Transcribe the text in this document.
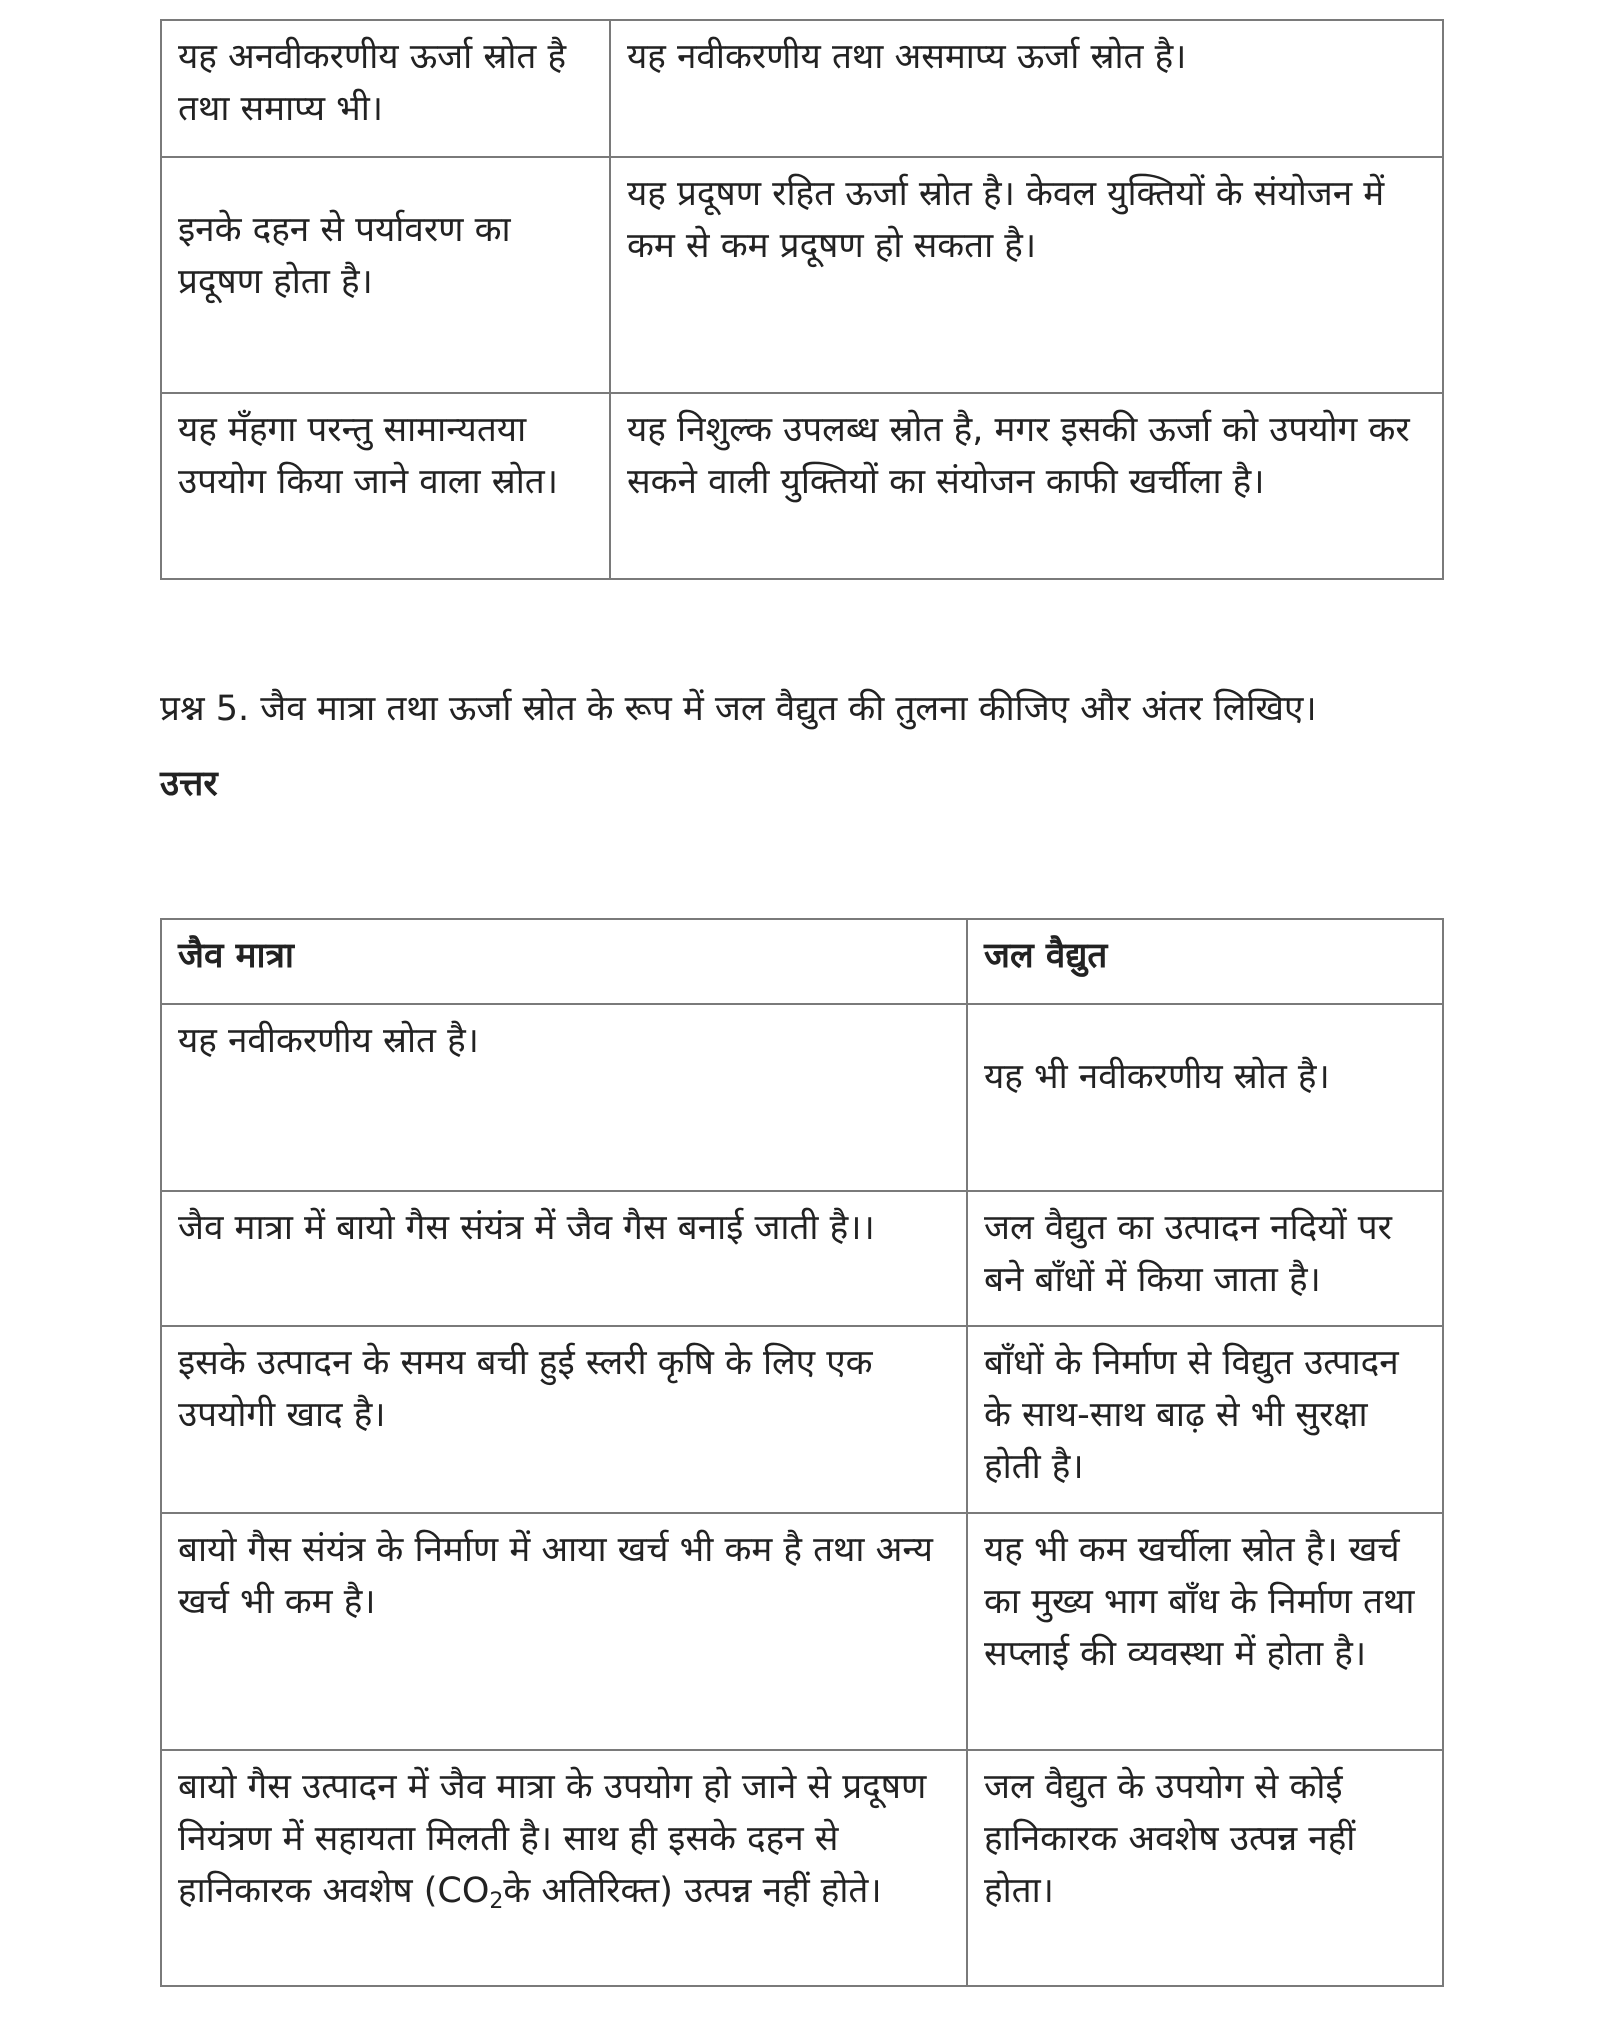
यह अनवीकरणीय ऊर्जा स्रोत है तथा समाप्य भी।	यह नवीकरणीय तथा असमाप्य ऊर्जा स्रोत है।
इनके दहन से पर्यावरण का प्रदूषण होता है।	यह प्रदूषण रहित ऊर्जा स्रोत है। केवल युक्तियों के संयोजन में कम से कम प्रदूषण हो सकता है।
यह मँहगा परन्तु सामान्यतया उपयोग किया जाने वाला स्रोत।	यह निशुल्क उपलब्ध स्रोत है, मगर इसकी ऊर्जा को उपयोग कर सकने वाली युक्तियों का संयोजन काफी खर्चीला है।
प्रश्न 5. जैव मात्रा तथा ऊर्जा स्रोत के रूप में जल वैद्युत की तुलना कीजिए और अंतर लिखिए।
उत्तर
जैव मात्रा	जल वैद्युत
यह नवीकरणीय स्रोत है।	यह भी नवीकरणीय स्रोत है।
जैव मात्रा में बायो गैस संयंत्र में जैव गैस बनाई जाती है।।	जल वैद्युत का उत्पादन नदियों पर बने बाँधों में किया जाता है।
इसके उत्पादन के समय बची हुई स्लरी कृषि के लिए एक उपयोगी खाद है।	बाँधों के निर्माण से विद्युत उत्पादन के साथ-साथ बाढ़ से भी सुरक्षा होती है।
बायो गैस संयंत्र के निर्माण में आया खर्च भी कम है तथा अन्य खर्च भी कम है।	यह भी कम खर्चीला स्रोत है। खर्च का मुख्य भाग बाँध के निर्माण तथा सप्लाई की व्यवस्था में होता है।
बायो गैस उत्पादन में जैव मात्रा के उपयोग हो जाने से प्रदूषण नियंत्रण में सहायता मिलती है। साथ ही इसके दहन से हानिकारक अवशेष ($CO_2के$ अतिरिक्त) उत्पन्न नहीं होते।	जल वैद्युत के उपयोग से कोई हानिकारक अवशेष उत्पन्न नहीं होता।
